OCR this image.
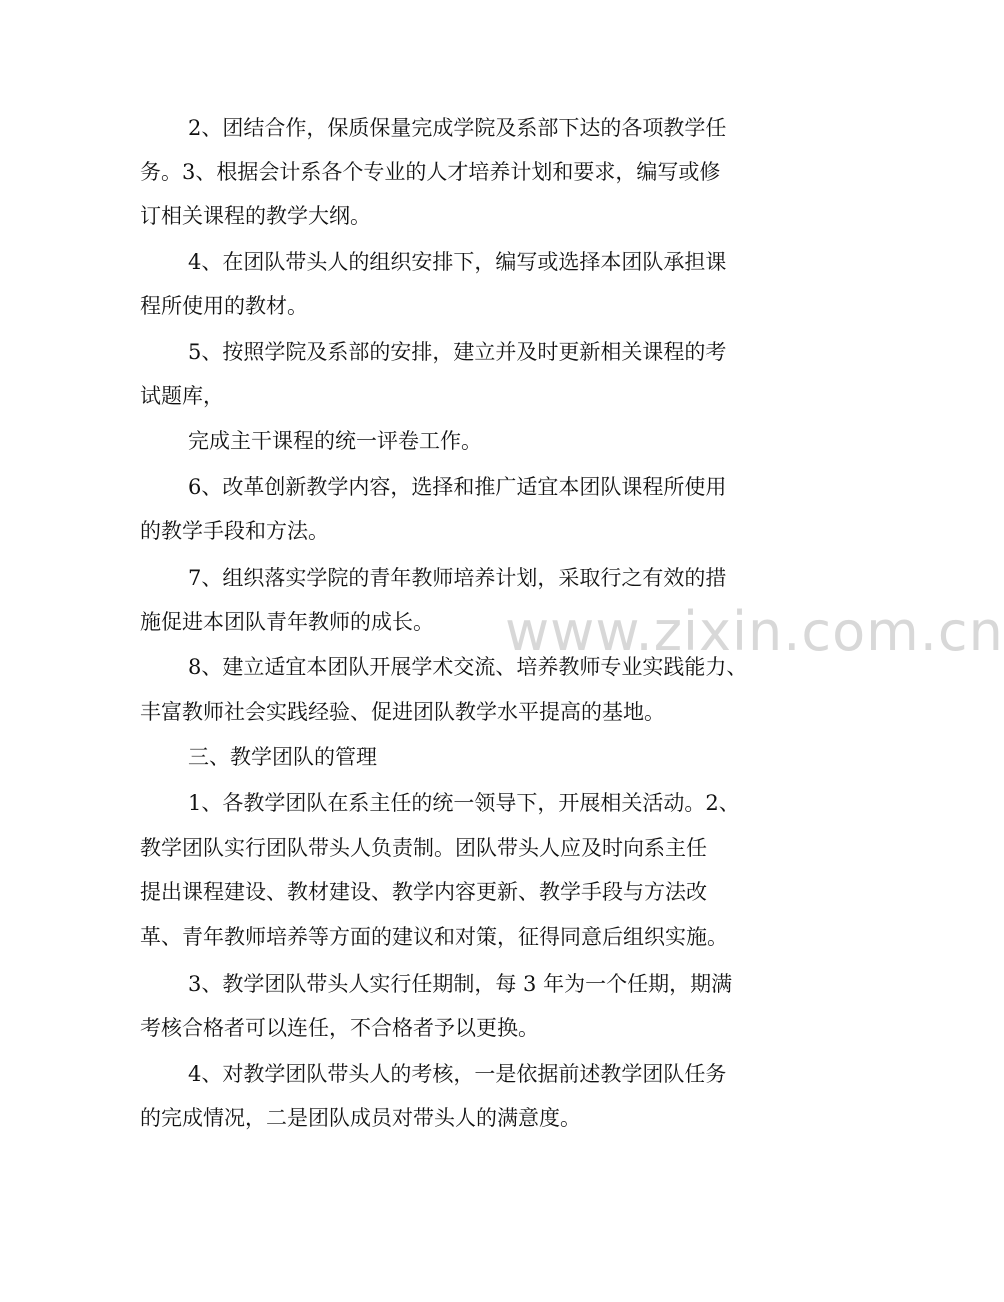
2、团结合作，保质保量完成学院及系部下达的各项教学任
务。3、根据会计系各个专业的人才培养计划和要求，编写或修
订相关课程的教学大纲。
4、在团队带头人的组织安排下，编写或选择本团队承担课
程所使用的教材。
5、按照学院及系部的安排，建立并及时更新相关课程的考
试题库，
完成主干课程的统一评卷工作。
6、改革创新教学内容，选择和推广适宜本团队课程所使用
的教学手段和方法。
7、组织落实学院的青年教师培养计划，采取行之有效的措
施促进本团队青年教师的成长。
8、建立适宜本团队开展学术交流、培养教师专业实践能力、
丰富教师社会实践经验、促进团队教学水平提高的基地。
三、教学团队的管理
1、各教学团队在系主任的统一领导下，开展相关活动。2、
教学团队实行团队带头人负责制。团队带头人应及时向系主任
提出课程建设、教材建设、教学内容更新、教学手段与方法改
革、青年教师培养等方面的建议和对策，征得同意后组织实施。
3、教学团队带头人实行任期制，每 3 年为一个任期，期满
考核合格者可以连任，不合格者予以更换。
4、对教学团队带头人的考核，一是依据前述教学团队任务
的完成情况，二是团队成员对带头人的满意度。
www.zixin.com.cn
